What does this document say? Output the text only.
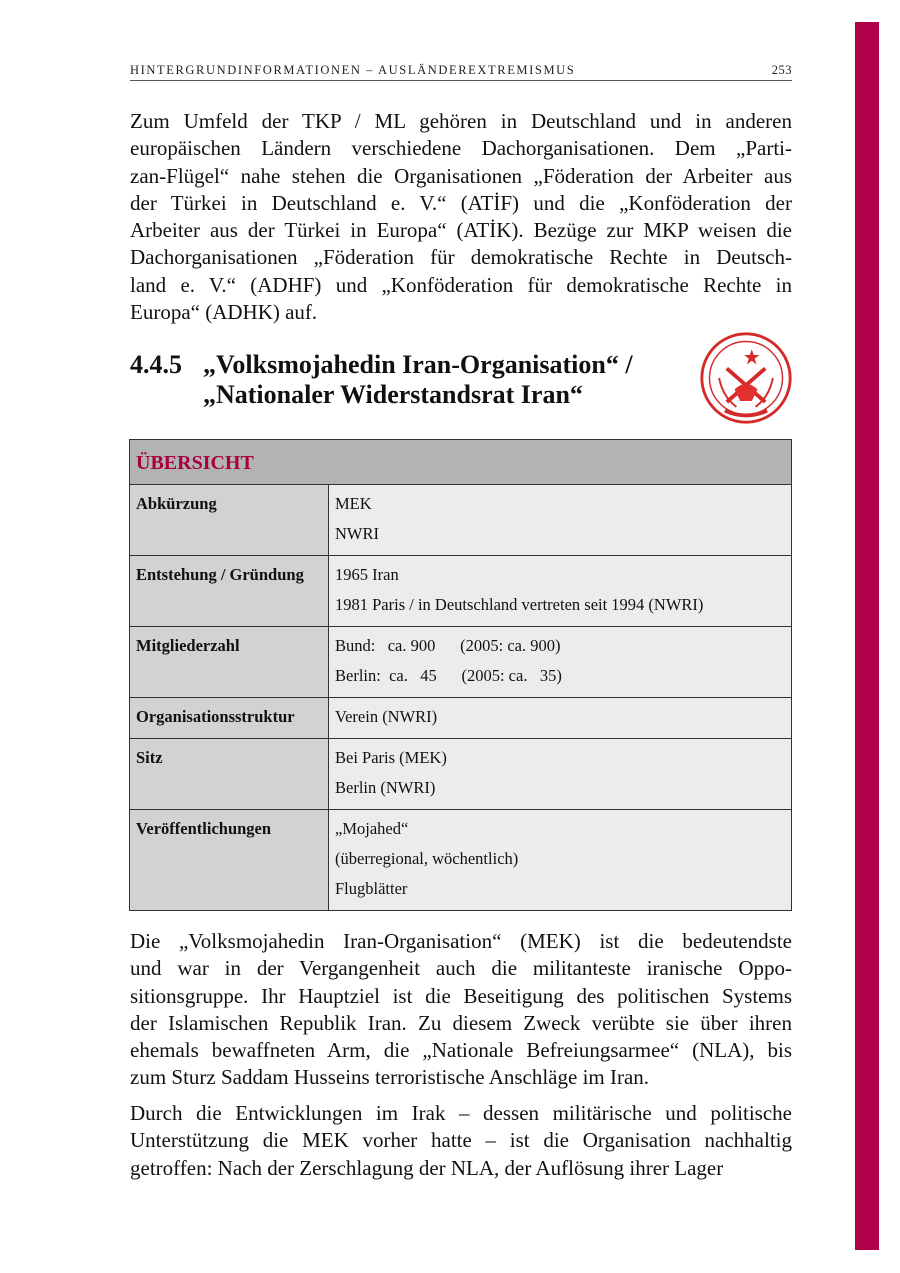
HINTERGRUNDINFORMATIONEN – AUSLÄNDEREXTREMISMUS	253
Zum Umfeld der TKP / ML gehören in Deutschland und in anderen
europäischen Ländern verschiedene Dachorganisationen. Dem „Parti-
zan-Flügel“ nahe stehen die Organisationen „Föderation der Arbeiter aus
der Türkei in Deutschland e. V.“ (ATİF) und die „Konföderation der
Arbeiter aus der Türkei in Europa“ (ATİK). Bezüge zur MKP weisen die
Dachorganisationen „Föderation für demokratische Rechte in Deutsch-
land e. V.“ (ADHF) und „Konföderation für demokratische Rechte in
Europa“ (ADHK) auf.
4.4.5 „Volksmojahedin Iran-Organisation“ /
„Nationaler Widerstandsrat Iran“
ÜBERSICHT	
Abkürzung	MEK
NWRI

Entstehung / Gründung	1965 Iran
1981 Paris / in Deutschland vertreten seit 1994 (NWRI)

Mitgliederzahl	Bund:   ca. 900      (2005: ca. 900)
Berlin:  ca.   45      (2005: ca.   35)

Organisationsstruktur	Verein (NWRI)

Sitz	Bei Paris (MEK)
Berlin (NWRI)

Veröffentlichungen	„Mojahed“
(überregional, wöchentlich)
Flugblätter
Die „Volksmojahedin Iran-Organisation“ (MEK) ist die bedeutendste
und war in der Vergangenheit auch die militanteste iranische Oppo-
sitionsgruppe. Ihr Hauptziel ist die Beseitigung des politischen Systems
der Islamischen Republik Iran. Zu diesem Zweck verübte sie über ihren
ehemals bewaffneten Arm, die „Nationale Befreiungsarmee“ (NLA), bis
zum Sturz Saddam Husseins terroristische Anschläge im Iran.
Durch die Entwicklungen im Irak – dessen militärische und politische
Unterstützung die MEK vorher hatte – ist die Organisation nachhaltig
getroffen: Nach der Zerschlagung der NLA, der Auflösung ihrer Lager
